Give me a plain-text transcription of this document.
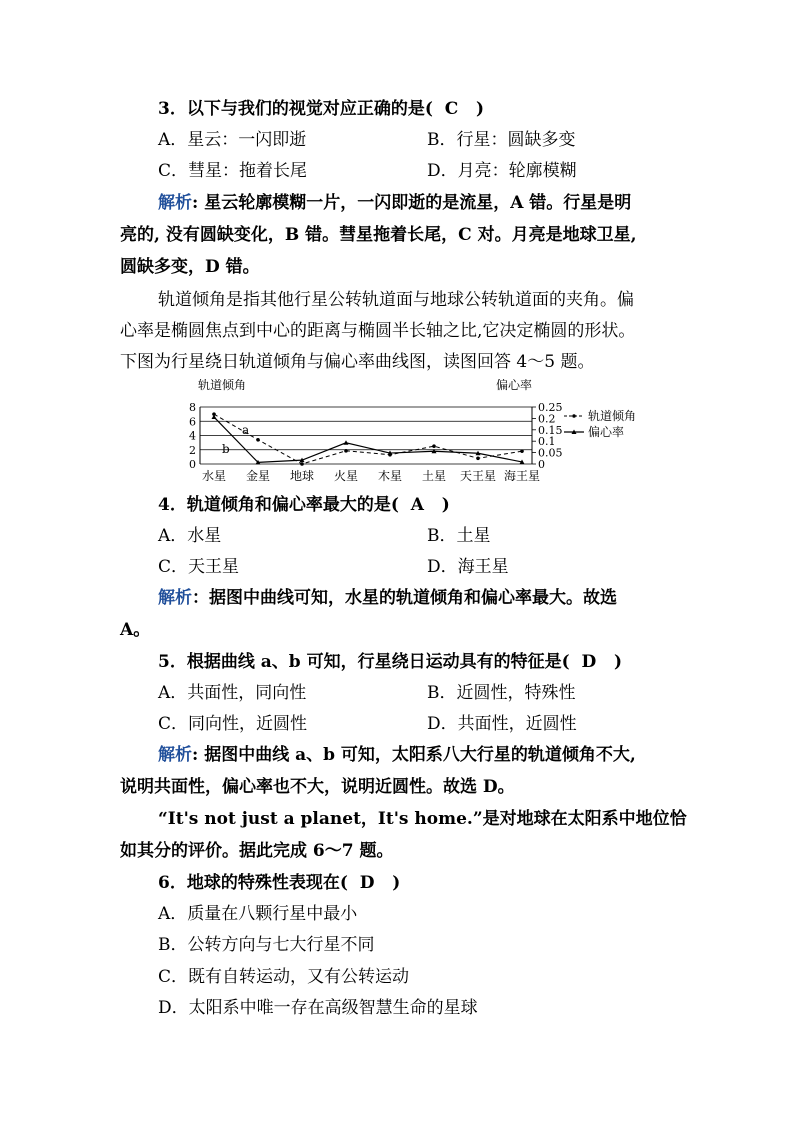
3．以下与我们的视觉对应正确的是( C )
A．星云：一闪即逝	B．行星：圆缺多变
C．彗星：拖着长尾	D．月亮：轮廓模糊
解析: 星云轮廓模糊一片，一闪即逝的是流星，A 错。行星是明
亮的, 没有圆缺变化，B 错。彗星拖着长尾，C 对。月亮是地球卫星,
圆缺多变，D 错。
轨道倾角是指其他行星公转轨道面与地球公转轨道面的夹角。偏
心率是椭圆焦点到中心的距离与椭圆半长轴之比,它决定椭圆的形状。
下图为行星绕日轨道倾角与偏心率曲线图，读图回答 4～5 题。
轨道倾角	偏心率
0
2
4
6
8
0
0.05
0.1
0.15
0.2
0.25
水星 金星 地球 火星 木星 土星 天王星 海王星
a
b
轨道倾角
偏心率
4．轨道倾角和偏心率最大的是( A )
A．水星	B．土星
C．天王星	D．海王星
解析：据图中曲线可知，水星的轨道倾角和偏心率最大。故选
A。
5．根据曲线 a、b 可知，行星绕日运动具有的特征是( D )
A．共面性，同向性	B．近圆性，特殊性
C．同向性，近圆性	D．共面性，近圆性
解析: 据图中曲线 a、b 可知，太阳系八大行星的轨道倾角不大,
说明共面性，偏心率也不大，说明近圆性。故选 D。
“It's not just a planet，It's home.”是对地球在太阳系中地位恰
如其分的评价。据此完成 6～7 题。
6．地球的特殊性表现在( D )
A．质量在八颗行星中最小
B．公转方向与七大行星不同
C．既有自转运动，又有公转运动
D．太阳系中唯一存在高级智慧生命的星球
